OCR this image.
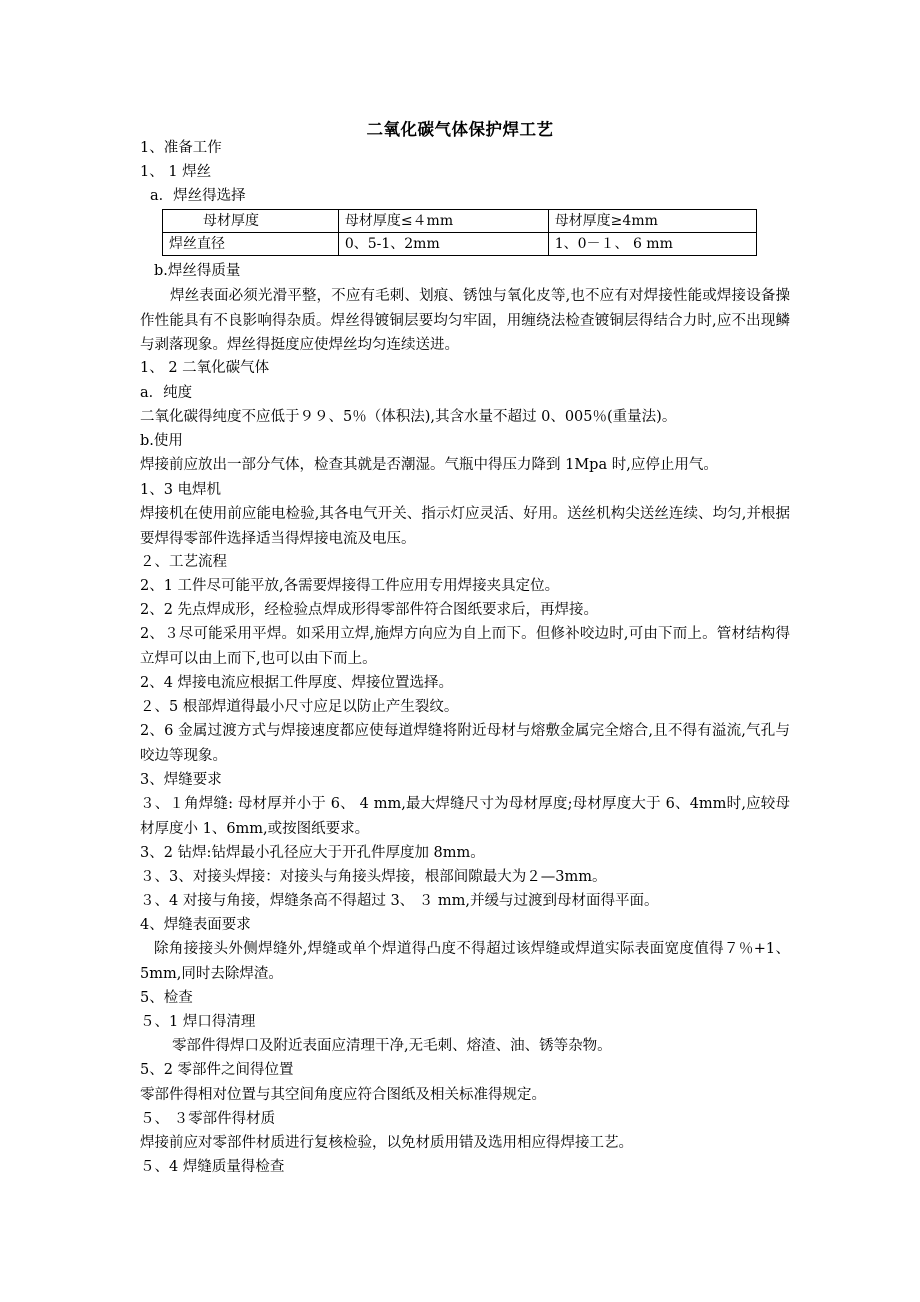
二氧化碳气体保护焊工艺
1、准备工作
1、 1 焊丝
a．焊丝得选择
母材厚度	母材厚度≤４mm	母材厚度≥4mm
焊丝直径	0、5-1、2mm	1、0－１、 6 mm
b.焊丝得质量
焊丝表面必须光滑平整，不应有毛刺、划痕、锈蚀与氧化皮等,也不应有对焊接性能或焊接设备操作性能具有不良影响得杂质。焊丝得镀铜层要均匀牢固，用缠绕法检查镀铜层得结合力时,应不出现鳞与剥落现象。焊丝得挺度应使焊丝均匀连续送进。
1、 2 二氧化碳气体
a．纯度
二氧化碳得纯度不应低于９９、5％（体积法),其含水量不超过 0、005％(重量法)。
b.使用
焊接前应放出一部分气体，检查其就是否潮湿。气瓶中得压力降到 1Mpa 时,应停止用气。
1、3 电焊机
焊接机在使用前应能电检验,其各电气开关、指示灯应灵活、好用。送丝机构尖送丝连续、均匀,并根据要焊得零部件选择适当得焊接电流及电压。
２、工艺流程
2、1 工件尽可能平放,各需要焊接得工件应用专用焊接夹具定位。
2、2 先点焊成形，经检验点焊成形得零部件符合图纸要求后，再焊接。
2、３尽可能采用平焊。如采用立焊,施焊方向应为自上而下。但修补咬边时,可由下而上。管材结构得立焊可以由上而下,也可以由下而上。
2、4 焊接电流应根据工件厚度、焊接位置选择。
２、5 根部焊道得最小尺寸应足以防止产生裂纹。
2、6 金属过渡方式与焊接速度都应使每道焊缝将附近母材与熔敷金属完全熔合,且不得有溢流,气孔与咬边等现象。
3、焊缝要求
３、１角焊缝: 母材厚并小于 6、 4 mm,最大焊缝尺寸为母材厚度;母材厚度大于 6、4mm时,应较母材厚度小 1、6mm,或按图纸要求。
3、2 钻焊:钻焊最小孔径应大于开孔件厚度加 8mm。
３、3、对接头焊接：对接头与角接头焊接，根部间隙最大为２—3mm。
３、4 对接与角接，焊缝条高不得超过 3、 ３ mm,并缓与过渡到母材面得平面。
4、焊缝表面要求
除角接接头外侧焊缝外,焊缝或单个焊道得凸度不得超过该焊缝或焊道实际表面宽度值得７％+1、5mm,同时去除焊渣。
5、检查
５、1 焊口得清理
零部件得焊口及附近表面应清理干净,无毛刺、熔渣、油、锈等杂物。
5、2 零部件之间得位置
零部件得相对位置与其空间角度应符合图纸及相关标准得规定。
５、 ３零部件得材质
焊接前应对零部件材质进行复核检验，以免材质用错及选用相应得焊接工艺。
５、4 焊缝质量得检查
